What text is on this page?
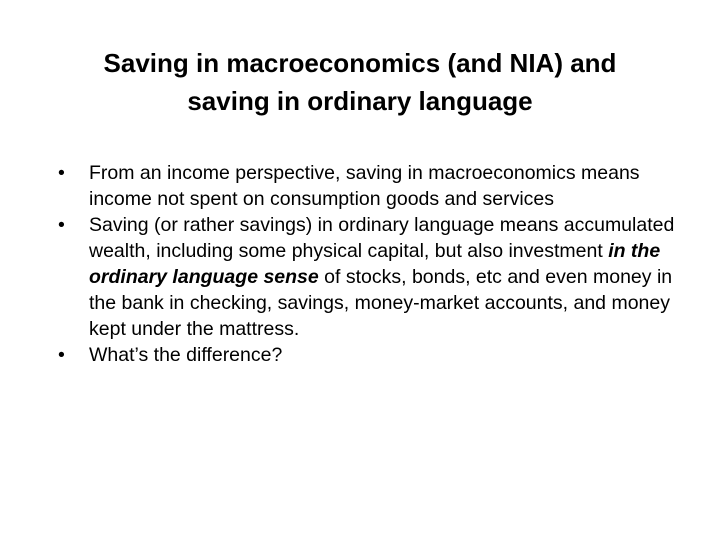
Saving in macroeconomics (and NIA) and
saving in ordinary language
• From an income perspective, saving in macroeconomics means income not spent on consumption goods and services
• Saving (or rather savings) in ordinary language means accumulated wealth, including some physical capital, but also investment in the ordinary language sense of stocks, bonds, etc and even money in the bank in checking, savings, money-market accounts, and money kept under the mattress.
• What’s the difference?
